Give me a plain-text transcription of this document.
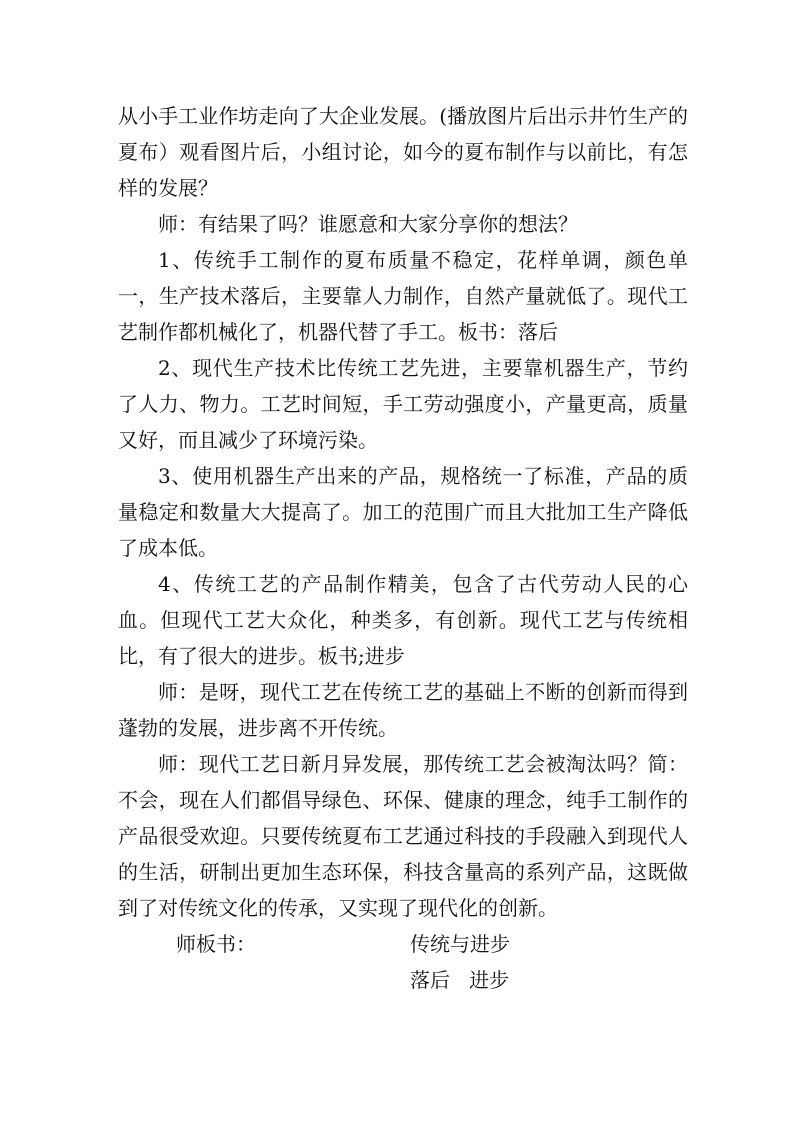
从小手工业作坊走向了大企业发展。(播放图片后出示井竹生产的夏布）观看图片后，小组讨论，如今的夏布制作与以前比，有怎样的发展？

师：有结果了吗？谁愿意和大家分享你的想法？

1、传统手工制作的夏布质量不稳定，花样单调，颜色单一，生产技术落后，主要靠人力制作，自然产量就低了。现代工艺制作都机械化了，机器代替了手工。板书：落后

2、现代生产技术比传统工艺先进，主要靠机器生产，节约了人力、物力。工艺时间短，手工劳动强度小，产量更高，质量又好，而且减少了环境污染。

3、使用机器生产出来的产品，规格统一了标准，产品的质量稳定和数量大大提高了。加工的范围广而且大批加工生产降低了成本低。

4、传统工艺的产品制作精美，包含了古代劳动人民的心血。但现代工艺大众化，种类多，有创新。现代工艺与传统相比，有了很大的进步。板书;进步

师：是呀，现代工艺在传统工艺的基础上不断的创新而得到蓬勃的发展，进步离不开传统。

师：现代工艺日新月异发展，那传统工艺会被淘汰吗？简：不会，现在人们都倡导绿色、环保、健康的理念，纯手工制作的产品很受欢迎。只要传统夏布工艺通过科技的手段融入到现代人的生活，研制出更加生态环保，科技含量高的系列产品，这既做到了对传统文化的传承，又实现了现代化的创新。

师板书：	传统与进步
落后   进步
